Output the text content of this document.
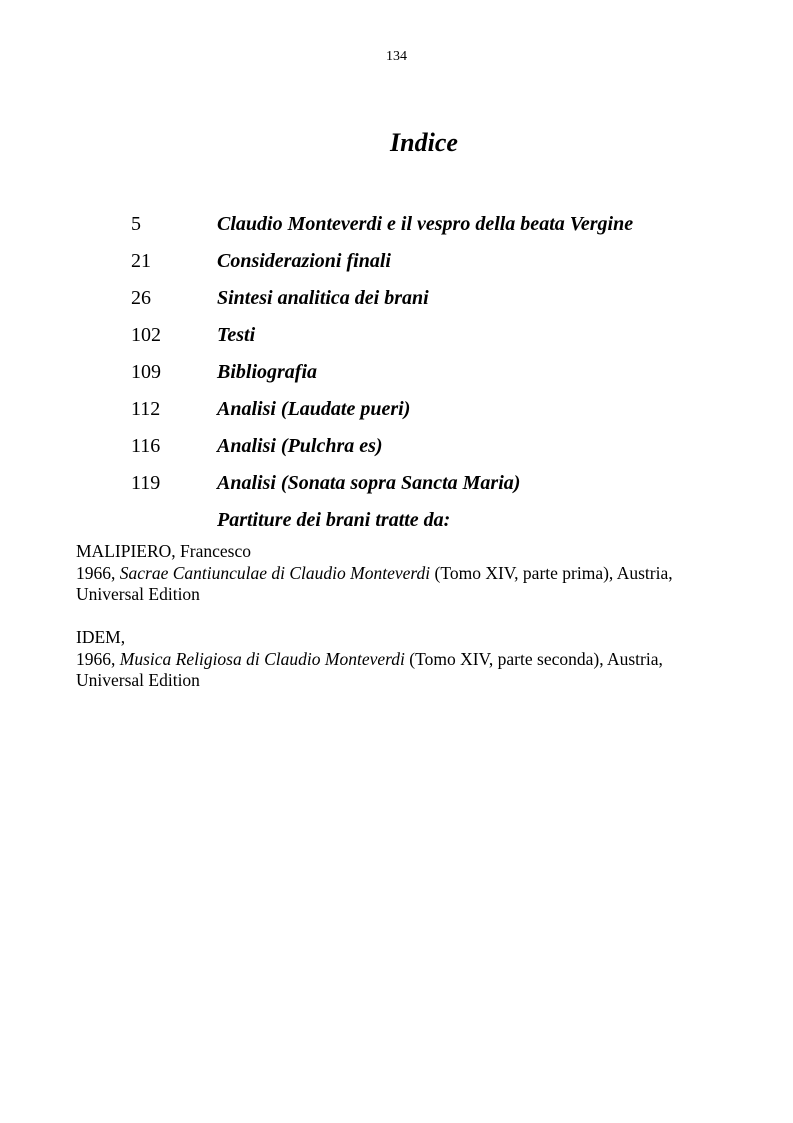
134
Indice
5	Claudio Monteverdi e il vespro della beata Vergine
21	Considerazioni finali
26	Sintesi analitica dei brani
102	Testi
109	Bibliografia
112	Analisi (Laudate pueri)
116	Analisi (Pulchra es)
119	Analisi (Sonata sopra Sancta Maria)
Partiture dei brani tratte da:
MALIPIERO, Francesco
1966, Sacrae Cantiunculae di Claudio Monteverdi (Tomo XIV, parte prima), Austria,
Universal Edition
IDEM,
1966, Musica Religiosa di Claudio Monteverdi (Tomo XIV, parte seconda), Austria,
Universal Edition
